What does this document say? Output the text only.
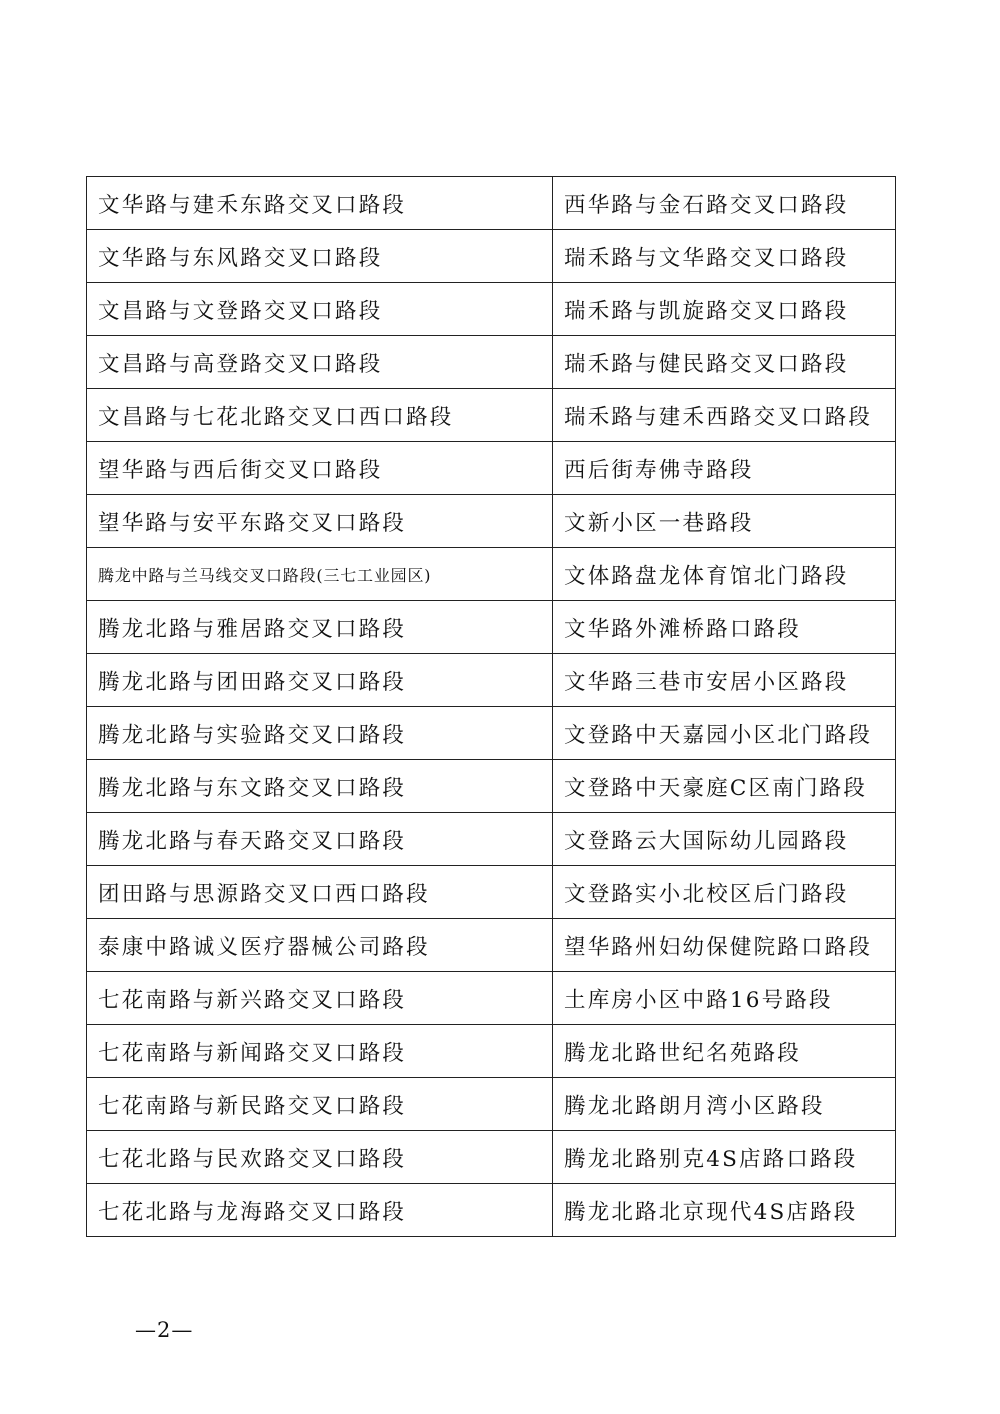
文华路与建禾东路交叉口路段	西华路与金石路交叉口路段
文华路与东风路交叉口路段	瑞禾路与文华路交叉口路段
文昌路与文登路交叉口路段	瑞禾路与凯旋路交叉口路段
文昌路与高登路交叉口路段	瑞禾路与健民路交叉口路段
文昌路与七花北路交叉口西口路段	瑞禾路与建禾西路交叉口路段
望华路与西后街交叉口路段	西后街寿佛寺路段
望华路与安平东路交叉口路段	文新小区一巷路段
腾龙中路与兰马线交叉口路段(三七工业园区)	文体路盘龙体育馆北门路段
腾龙北路与雅居路交叉口路段	文华路外滩桥路口路段
腾龙北路与团田路交叉口路段	文华路三巷市安居小区路段
腾龙北路与实验路交叉口路段	文登路中天嘉园小区北门路段
腾龙北路与东文路交叉口路段	文登路中天豪庭C区南门路段
腾龙北路与春天路交叉口路段	文登路云大国际幼儿园路段
团田路与思源路交叉口西口路段	文登路实小北校区后门路段
泰康中路诚义医疗器械公司路段	望华路州妇幼保健院路口路段
七花南路与新兴路交叉口路段	土库房小区中路16号路段
七花南路与新闻路交叉口路段	腾龙北路世纪名苑路段
七花南路与新民路交叉口路段	腾龙北路朗月湾小区路段
七花北路与民欢路交叉口路段	腾龙北路别克4S店路口路段
七花北路与龙海路交叉口路段	腾龙北路北京现代4S店路段
—2—
